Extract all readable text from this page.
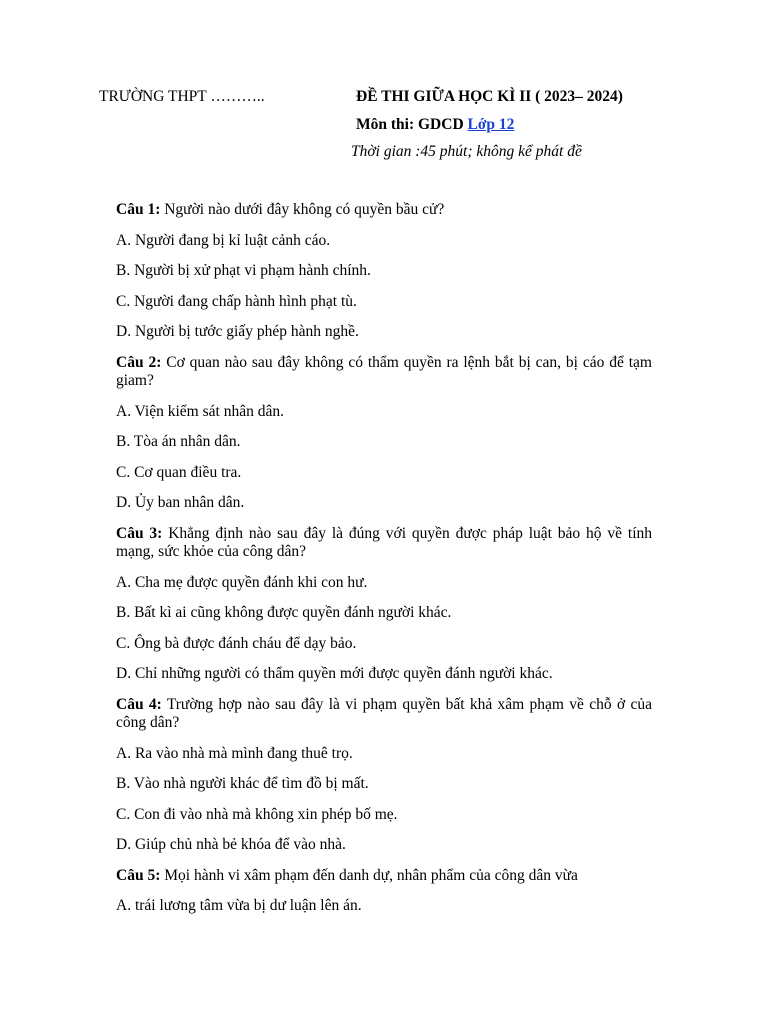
TRƯỜNG THPT ………..	ĐỀ THI GIỮA HỌC KÌ II ( 2023– 2024)
Môn thi: GDCD Lớp 12
Thời gian :45 phút; không kể phát đề

Câu 1: Người nào dưới đây không có quyền bầu cử?

A. Người đang bị kỉ luật cảnh cáo.

B. Người bị xử phạt vi phạm hành chính.

C. Người đang chấp hành hình phạt tù.

D. Người bị tước giấy phép hành nghề.

Câu 2: Cơ quan nào sau đây không có thẩm quyền ra lệnh bắt bị can, bị cáo để tạm giam?

A. Viện kiểm sát nhân dân.

B. Tòa án nhân dân.

C. Cơ quan điều tra.

D. Ủy ban nhân dân.

Câu 3: Khẳng định nào sau đây là đúng với quyền được pháp luật bảo hộ về tính mạng, sức khỏe của công dân?

A. Cha mẹ được quyền đánh khi con hư.

B. Bất kì ai cũng không được quyền đánh người khác.

C. Ông bà được đánh cháu để dạy bảo.

D. Chỉ những người có thẩm quyền mới được quyền đánh người khác.

Câu 4: Trường hợp nào sau đây là vi phạm quyền bất khả xâm phạm về chỗ ở của công dân?

A. Ra vào nhà mà mình đang thuê trọ.

B. Vào nhà người khác để tìm đồ bị mất.

C. Con đi vào nhà mà không xin phép bố mẹ.

D. Giúp chủ nhà bẻ khóa để vào nhà.

Câu 5: Mọi hành vi xâm phạm đến danh dự, nhân phẩm của công dân vừa

A. trái lương tâm vừa bị dư luận lên án.
